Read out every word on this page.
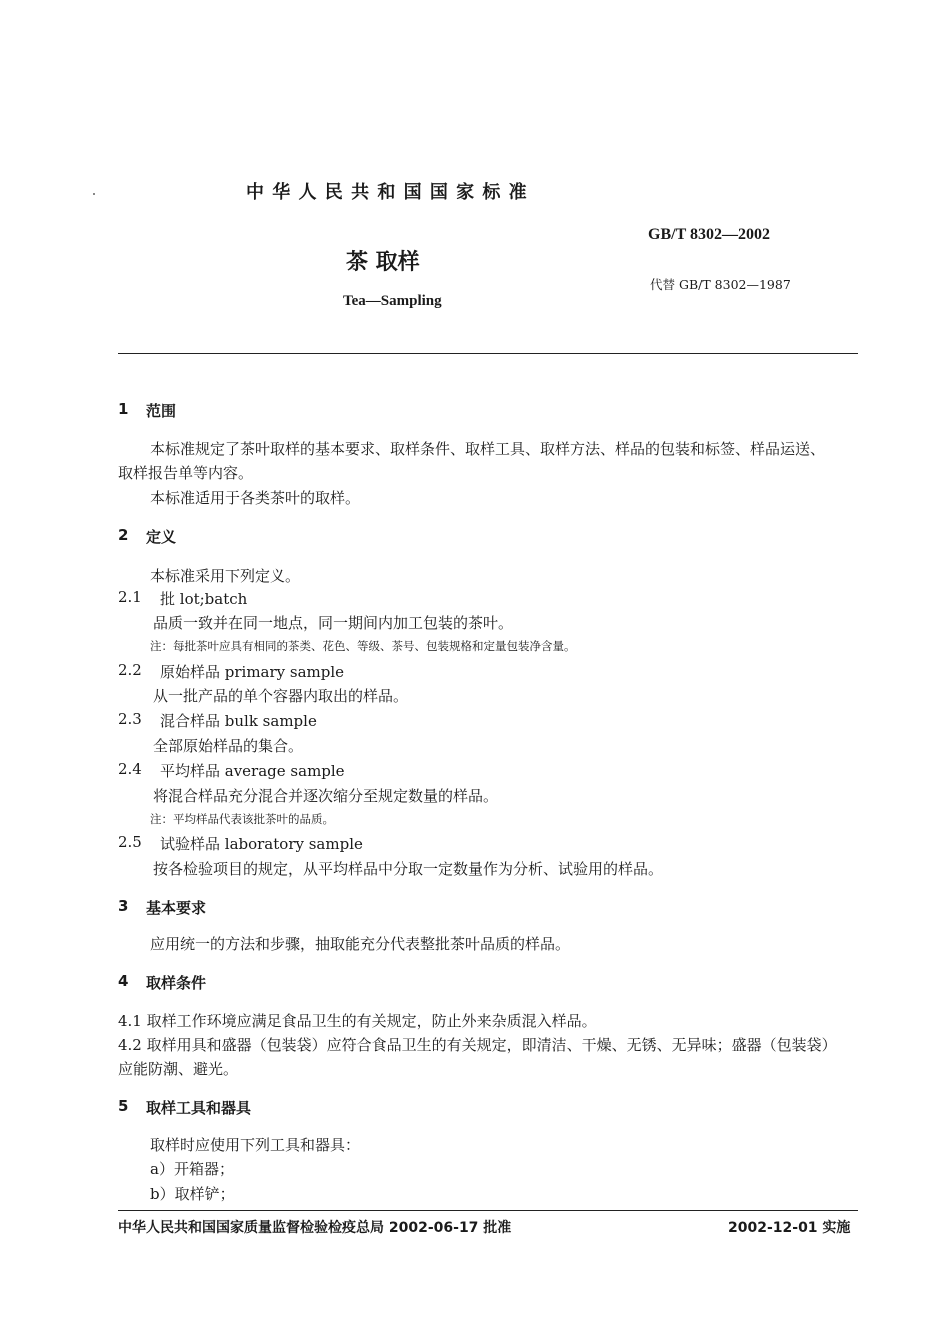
中 华 人 民 共 和 国 国 家 标 准
GB/T 8302—2002
茶 取样
代替 GB/T 8302—1987
Tea—Sampling
1 范围
本标准规定了茶叶取样的基本要求、取样条件、取样工具、取样方法、样品的包装和标签、样品运送、
取样报告单等内容。
本标准适用于各类茶叶的取样。
2 定义
本标准采用下列定义。
2.1 批 lot;batch
品质一致并在同一地点，同一期间内加工包装的茶叶。
注：每批茶叶应具有相同的茶类、花色、等级、茶号、包装规格和定量包装净含量。
2.2 原始样品 primary sample
从一批产品的单个容器内取出的样品。
2.3 混合样品 bulk sample
全部原始样品的集合。
2.4 平均样品 average sample
将混合样品充分混合并逐次缩分至规定数量的样品。
注：平均样品代表该批茶叶的品质。
2.5 试验样品 laboratory sample
按各检验项目的规定，从平均样品中分取一定数量作为分析、试验用的样品。
3 基本要求
应用统一的方法和步骤，抽取能充分代表整批茶叶品质的样品。
4 取样条件
4.1 取样工作环境应满足食品卫生的有关规定，防止外来杂质混入样品。
4.2 取样用具和盛器（包装袋）应符合食品卫生的有关规定，即清洁、干燥、无锈、无异味；盛器（包装袋）
应能防潮、避光。
5 取样工具和器具
取样时应使用下列工具和器具：
a）开箱器；
b）取样铲；
中华人民共和国国家质量监督检验检疫总局 2002-06-17 批准	2002-12-01 实施
